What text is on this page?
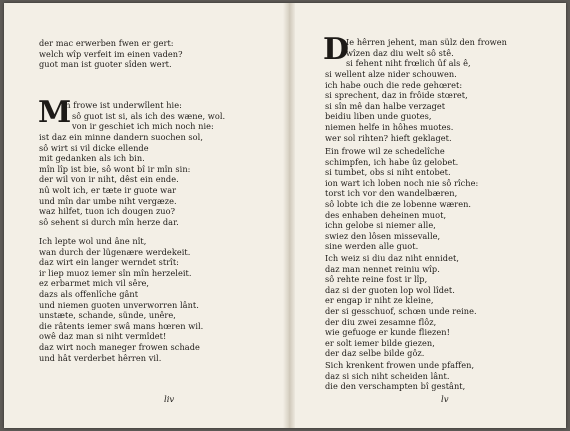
der mac erwerben fwen er gert:
welch wîp verfeit im einen vaden?
guot man ist guoter sîden wert.
M
In frowe ist underwîlent hie:
sô guot ist si, als ich des wæne, wol.
von ir geschiet ich mich noch nie:
ist daz ein minne dandern suochen sol,
sô wirt si vil dicke ellende
mit gedanken als ich bin.
mîn lîp ist bie, sô wont bî ir mîn sin:
der wil von ir niht, dêst ein ende.
nû wolt ich, er tæte ir guote war
und mîn dar umbe niht vergæze.
waz hilfet, tuon ich dougen zuo?
sô sehent si durch mîn herze dar.
Ich lepte wol und âne nît,
wan durch der lügenære werdekeit.
daz wirt ein langer werndet strît:
ir liep muoz iemer sîn mîn herzeleit.
ez erbarmet mich vil sêre,
dazs als offenlîche gânt
und niemen guoten unverworren lânt.
unstæte, schande, sünde, unêre,
die râtents iemer swâ mans hœren wil.
owê daz man si niht vermîdet!
daz wirt noch maneger frowen schade
und hât verderbet hêrren vil.
liv
D
Ie hêrren jehent, man sülz den frowen
wîzen daz diu welt sô stê.
si fehent niht frœlich ûf als ê,
si wellent alze nider schouwen.
ich habe ouch die rede gehœret:
si sprechent, daz in frôide stœret,
si sîn mê dan halbe verzaget
beidiu liben unde guotes,
niemen helfe in hôhes muotes.
wer sol rihten? hieft geklaget.
Ein frowe wil ze schedelîche
schimpfen, ich habe ûz gelobet.
si tumbet, obs si niht entobet.
ion wart ich loben noch nie sô rîche:
torst ich vor den wandelbæren,
sô lobte ich die ze lobenne wæren.
des enhaben deheinen muot,
ichn gelobe si niemer alle,
swiez den lôsen missevalle,
sine werden alle guot.
Ich weiz si diu daz niht ennidet,
daz man nennet reiniu wîp.
sô rehte reine fost ir lîp,
daz si der guoten lop wol lîdet.
er engap ir niht ze kleine,
der si gesschuof, schœn unde reine.
der diu zwei zesamne flôz,
wie gefuoge er kunde fliezen!
er solt iemer bilde giezen,
der daz selbe bilde gôz.
Sich krenkent frowen unde pfaffen,
daz si sich niht scheiden lânt.
die den verschampten bî gestânt,
lv
